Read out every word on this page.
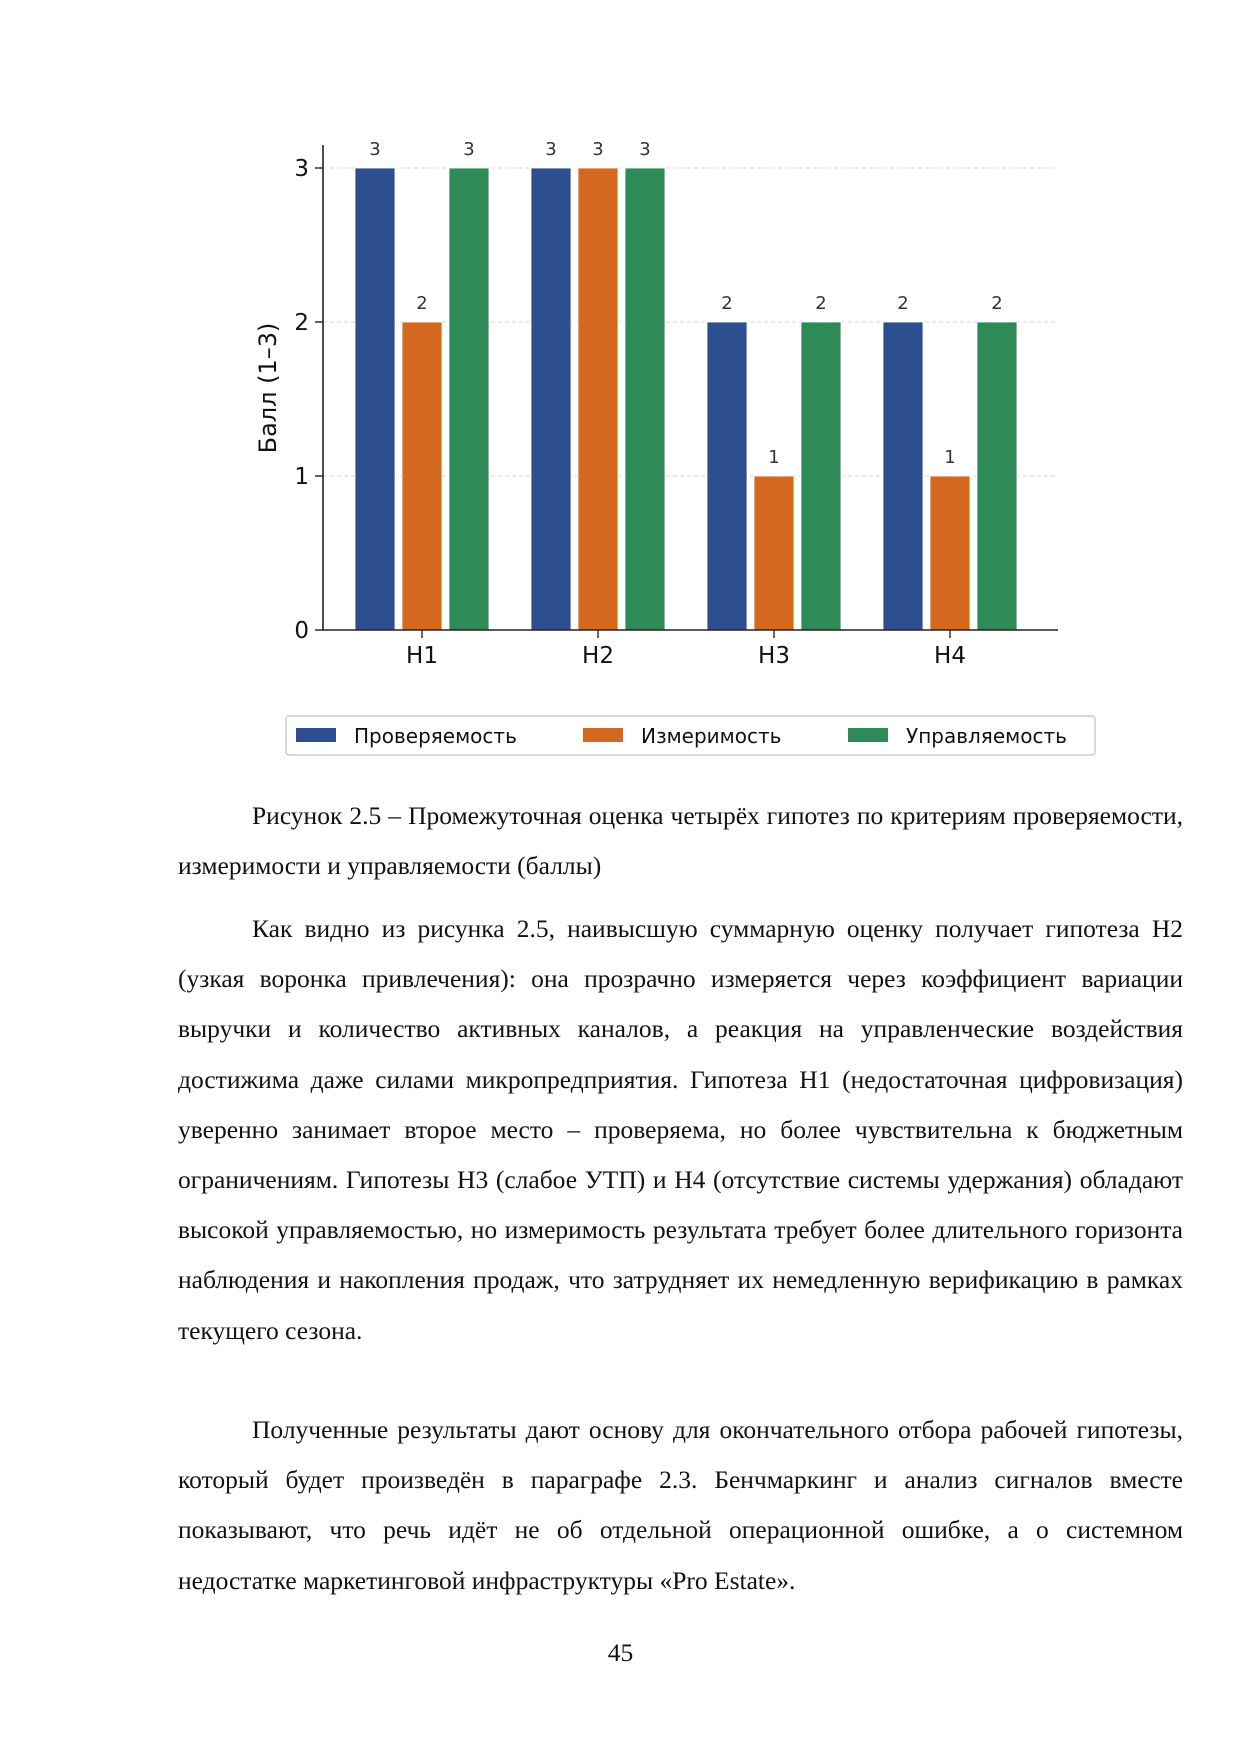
3
2
3	3 3 3
2
1
2	2
1
2
0
1
2
3
H1	H2	H3	H4
Балл (1–3)
Проверяемость	Измеримость	Управляемость

Рисунок 2.5 – Промежуточная оценка четырёх гипотез по критериям проверяемости, измеримости и управляемости (баллы)

Как видно из рисунка 2.5, наивысшую суммарную оценку получает гипотеза H2 (узкая воронка привлечения): она прозрачно измеряется через коэффициент вариации выручки и количество активных каналов, а реакция на управленческие воздействия достижима даже силами микропредприятия. Гипотеза H1 (недостаточная цифровизация) уверенно занимает второе место – проверяема, но более чувствительна к бюджетным ограничениям. Гипотезы H3 (слабое УТП) и H4 (отсутствие системы удержания) обладают высокой управляемостью, но измеримость результата требует более длительного горизонта наблюдения и накопления продаж, что затрудняет их немедленную верификацию в рамках текущего сезона.

Полученные результаты дают основу для окончательного отбора рабочей гипотезы, который будет произведён в параграфе 2.3. Бенчмаркинг и анализ сигналов вместе показывают, что речь идёт не об отдельной операционной ошибке, а о системном недостатке маркетинговой инфраструктуры «Pro Estate».

45
